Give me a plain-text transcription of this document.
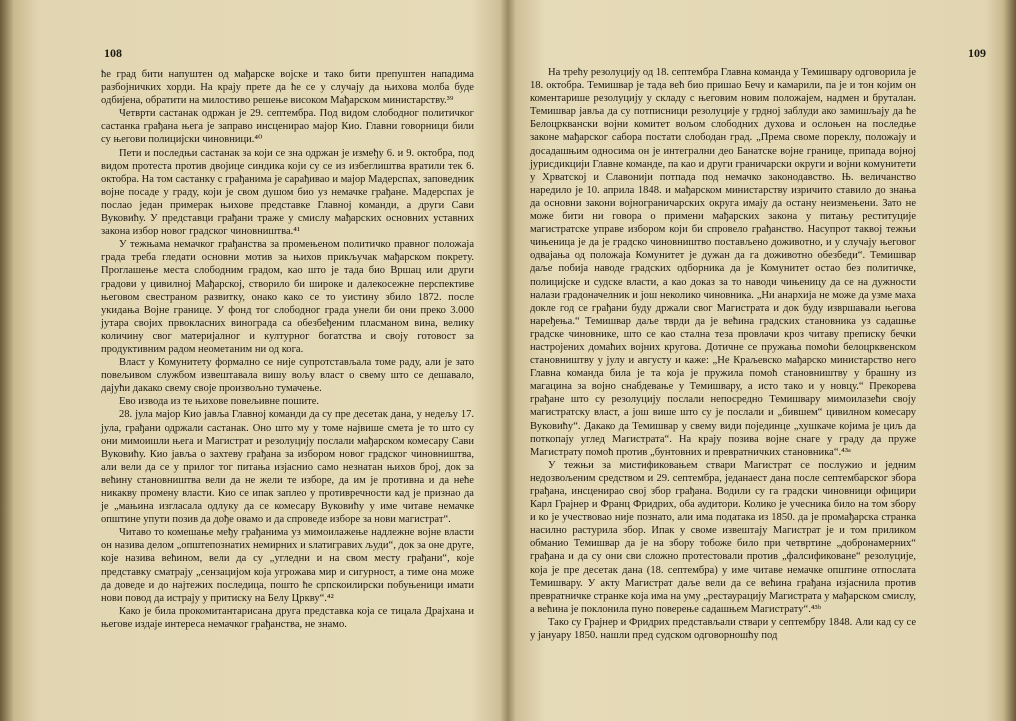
108

ће град бити напуштен од мађарске војске и тако бити препуштен нападима разбојничких хорди. На крају прете да ће се у случају да њихова молба буде одбијена, обратити на милостиво решење високом Мађарском министарству.³⁹

Четврти састанак одржан је 29. септембра. Под видом слободног политичког састанка грађана њега је заправо инсценирао мајор Кио. Главни говорници били су његови полицијски чиновници.⁴⁰

Пети и последњи састанак за који се зна одржан је између 6. и 9. октобра, под видом протеста против двојице синдика који су се из избеглиштва вратили тек 6. октобра. На том састанку с грађанима је сарађивао и мајор Мадерспах, заповедник војне посаде у граду, који је свом душом био уз немачке грађане. Мадерспах је послао један примерак њихове представке Главној команди, а други Сави Вуковићу. У представци грађани траже у смислу мађарских основних уставних закона избор новог градског чиновништва.⁴¹

У тежњама немачког грађанства за промењеном политичко правног положаја града треба гледати основни мотив за њихов прикључак мађарском покрету. Проглашење места слободним градом, као што је тада био Вршац или други градови у цивилној Мађарској, створило би широке и далекосежне перспективе његовом свестраном развитку, онако како се то уистину збило 1872. после укидања Војне границе. У фонд тог слободног града унели би они преко 3.000 јутара својих првокласних винограда са обезбеђеним пласманом вина, велику количину свог материјалног и културног богатства и своју готовост за продуктивним радом неометаним ни од кога.

Власт у Комунитету формално се није супротстављала томе раду, али је зато повељивом службом извештавала вишу вољу власт о свему што се дешавало, дајући дакако свему своје произвољно тумачење.

Ево извода из те њихове повељивне пошите.

28. јула мајор Кио јавља Главној команди да су пре десетак дана, у недељу 17. јула, грађани одржали састанак. Оно што му у томе највише смета је то што су они мимоишли њега и Магистрат и резолуцију послали мађарском комесару Сави Вуковићу. Кио јавља о захтеву грађана за избором новог градског чиновништва, али вели да се у прилог тог питања изјаснио само незнатан њихов број, док за већину становништва вели да не жели те изборе, да им је противна и да неће никакву промену власти. Кио се ипак заплео у противречности кад је признао да је „мањина изгласала одлуку да се комесару Вуковићу у име читаве немачке општине упути позив да дође овамо и да спроведе изборе за нови магистрат“.

Читаво то комешање међу грађанима уз мимоилажење надлежне војне власти он назива делом „општепознатих немирних и ѕлатигравих људи“, док за оне друге, које назива већином, вели да су „угледни и на свом месту грађани“, које представку сматрају „сензацијом која угрожава мир и сигурност, а тиме она може да доведе и до најтежих последица, пошто ће српскоилирски побуњеници имати нови повод да истрају у притиску на Белу Цркву“.⁴²

Како је била прокомитантарисана друга представка која се тицала Драјхана и његове издаје интереса немачког грађанства, не знамо.

109

На трећу резолуцију од 18. септембра Главна команда у Темишвару одговорила је 18. октобра. Темишвар је тада већ био пришао Бечу и камарили, па је и тон којим он коментарише резолуцију у складу с његовим новим положајем, надмен и бруталан. Темишвар јавља да су потписници резолуције у грдној заблуди ако замишљају да ће Белоцрквански војни комитет вољом слободних духова и ослоњен на последње законе мађарског сабора постати слободан град. „Према своме пореклу, положају и досадашњим односима он је интегрални део Банатске војне границе, припада војној јурисдикцији Главне команде, па као и други граничарски округи и војни комунитети у Хрватској и Славонији потпада под немачко законодавство. Њ. величанство наредило је 10. априла 1848. и мађарском министарству изричито ставило до знања да основни закони војнограничарских округа имају да остану неизмењени. Зато не може бити ни говора о примени мађарских закона у питању реституције магистратске управе избором који би спровело грађанство. Насупрот таквој тежњи чињеница је да је градско чиновништво постављено доживотно, и у случају његовог одвајања од положаја Комунитет је дужан да га доживотно обезбеди“. Темишвар даље побија наводе градских одборника да је Комунитет остао без политичке, полицијске и судске власти, а као доказ за то наводи чињеницу да се на дужности налази градоначелник и још неколико чиновника. „Ни анархија не може да узме маха докле год се грађани буду држали свог Магистрата и док буду извршавали његова наређења.“ Темишвар даље тврди да је већина градских становника уз садашње градске чиновнике, што се као стална теза провлачи кроз читаву преписку бечки настројених домаћих војних кругова. Дотичне се пружања помоћи белоцрквенском становништву у јулу и августу и каже: „Не Краљевско мађарско министарство него Главна команда била је та која је пружила помоћ становништву у брашну из магацина за војно снабдевање у Темишвару, а исто тако и у новцу.“ Прекорева грађане што су резолуцију послали непосредно Темишвару мимоилазећи своју магистратску власт, а још више што су је послали и „бившем“ цивилном комесару Вуковићу“. Дакако да Темишвар у свему види појединце „хушкаче којима је циљ да поткопају углед Магистрата“. На крају позива војне снаге у граду да пруже Магистрату помоћ против „бунтовних и превратничких становника“.⁴³ᵃ

У тежњи за мистификовањем ствари Магистрат се послужио и једним недозвољеним средством и 29. септембра, једанаест дана после септембарског збора грађана, инсценирао свој збор грађана. Водили су га градски чиновници официри Карл Грајнер и Франц Фридрих, оба аудитори. Колико је учесника било на том збору и ко је учествовао није познато, али има података из 1850. да је промађарска странка насилно растурила збор. Ипак у своме извештају Магистрат је и том приликом обманио Темишвар да је на збору тобоже било при четвртине „добронамерних“ грађана и да су они сви сложно протестовали против „фалсификоване“ резолуције, која је пре десетак дана (18. септембра) у име читаве немачке општине отпослата Темишвару. У акту Магистрат даље вели да се већина грађана изјаснила против превратничке странке која има на уму „рестаурацију Магистрата у мађарском смислу, а већина је поклонила пуно поверење садашњем Магистрату“.⁴³ᵇ

Тако су Грајнер и Фридрих представљали ствари у септембру 1848. Али кад су се у јануару 1850. нашли пред судском одговорношћу под
